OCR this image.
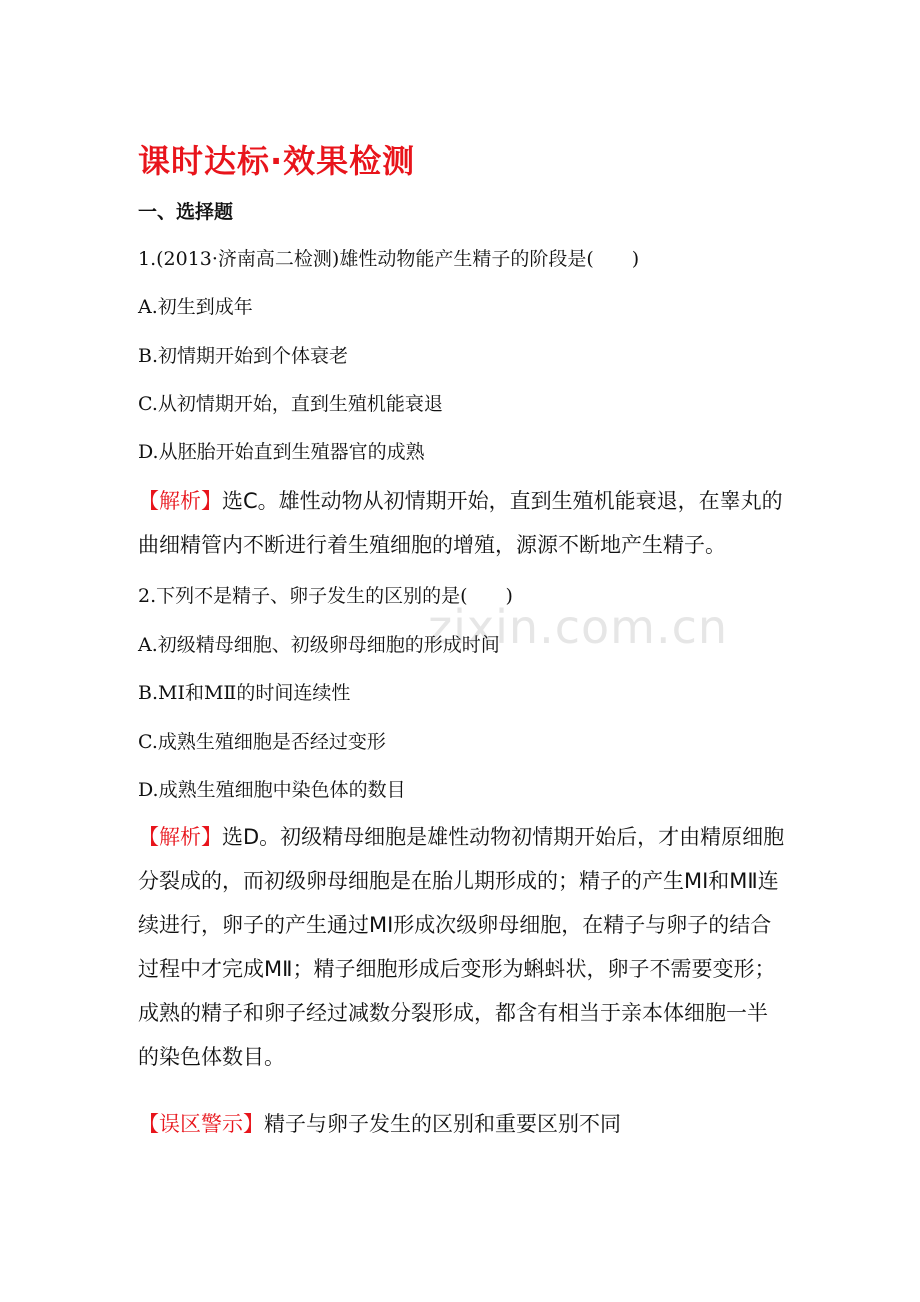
zixin.com.cn
课时达标·效果检测
一、选择题
1.(2013·济南高二检测)雄性动物能产生精子的阶段是(　　)
A.初生到成年
B.初情期开始到个体衰老
C.从初情期开始，直到生殖机能衰退
D.从胚胎开始直到生殖器官的成熟
【解析】选C。雄性动物从初情期开始，直到生殖机能衰退，在睾丸的曲细精管内不断进行着生殖细胞的增殖，源源不断地产生精子。
2.下列不是精子、卵子发生的区别的是(　　)
A.初级精母细胞、初级卵母细胞的形成时间
B.MⅠ和MⅡ的时间连续性
C.成熟生殖细胞是否经过变形
D.成熟生殖细胞中染色体的数目
【解析】选D。初级精母细胞是雄性动物初情期开始后，才由精原细胞分裂成的，而初级卵母细胞是在胎儿期形成的；精子的产生MⅠ和MⅡ连续进行，卵子的产生通过MⅠ形成次级卵母细胞，在精子与卵子的结合过程中才完成MⅡ；精子细胞形成后变形为蝌蚪状，卵子不需要变形；成熟的精子和卵子经过减数分裂形成，都含有相当于亲本体细胞一半的染色体数目。
【误区警示】精子与卵子发生的区别和重要区别不同
